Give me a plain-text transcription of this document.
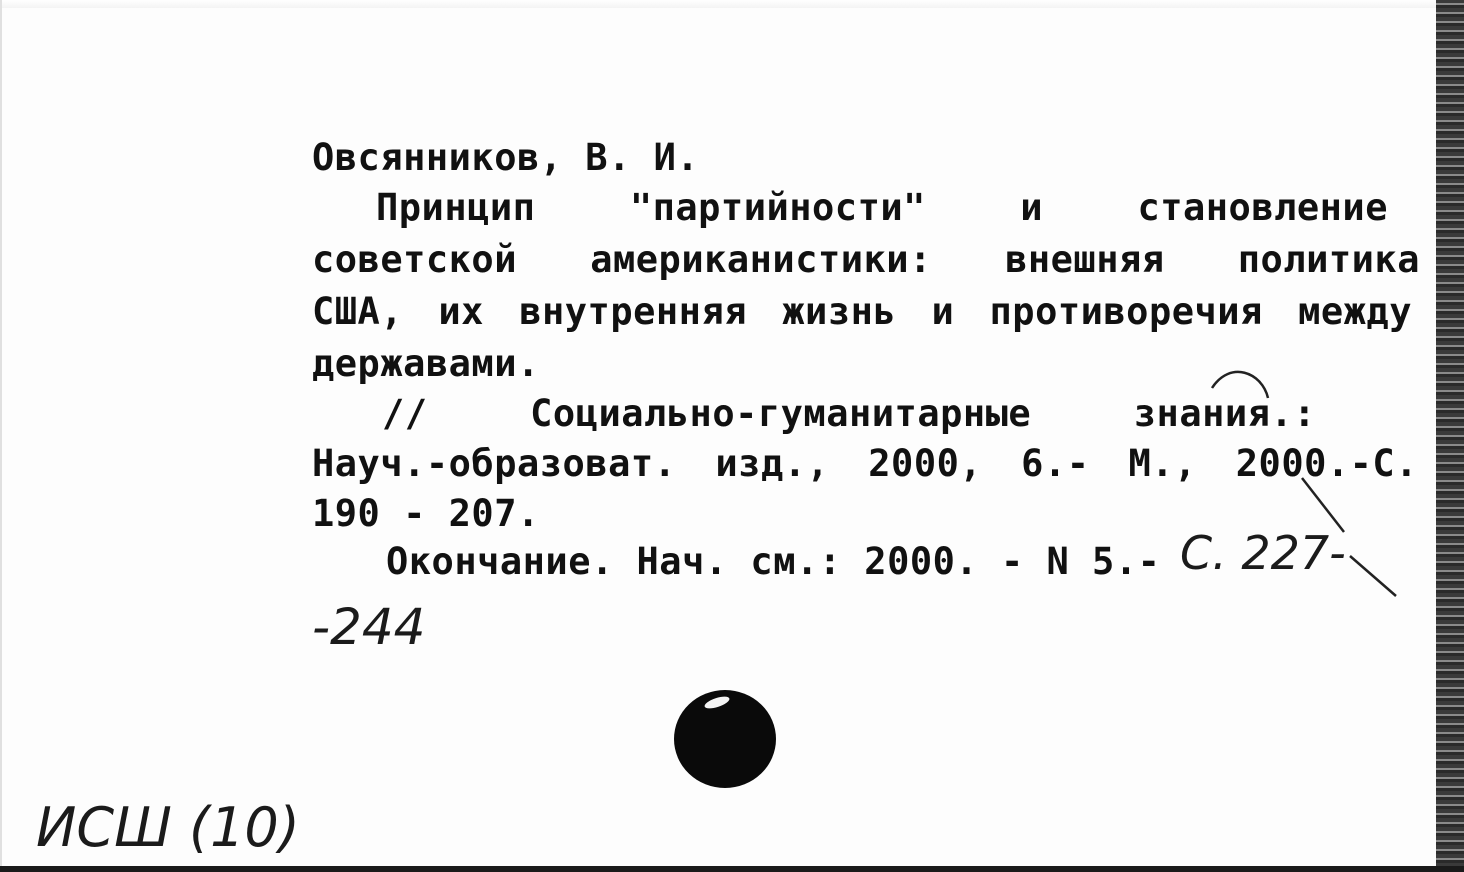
Овсянников, В. И.
Принцип	"партийности"	и	становление
советской американистики: внешняя политика
США, их внутренняя жизнь и противоречия между
державами.
//	Социально-гуманитарные	знания.:
Науч.-образоват. изд., 2000, 6.- М., 2000.-С.
190 - 207.
Окончание. Нач. см.: 2000. - N 5.- С. 227-
-244
ИСШ (10)
